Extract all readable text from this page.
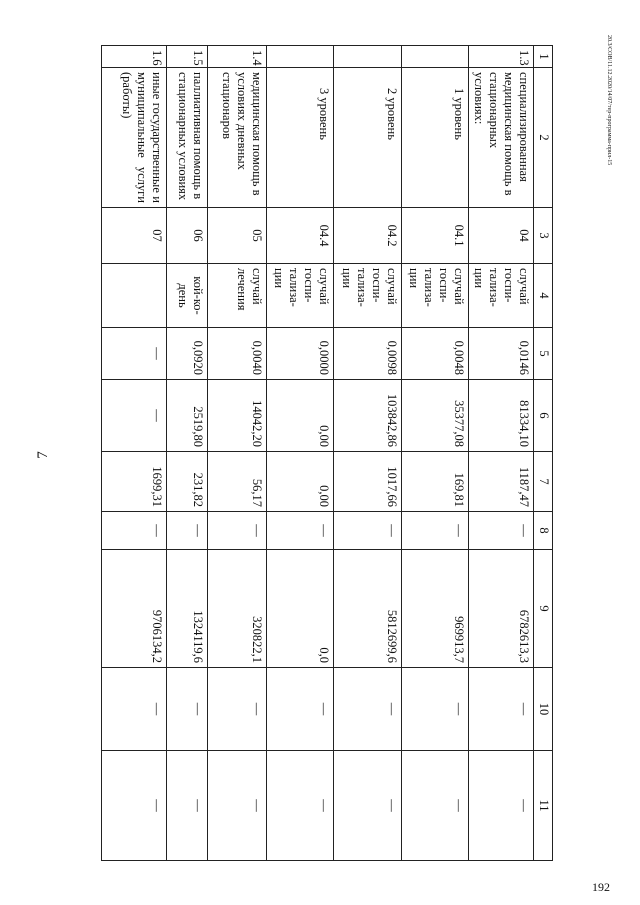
7
20.3/СОВ/11.12.2020/14/07/тер-программа-прил-15
192
1	2	3	4	5	6	7	8	9	10	11
1.3	специализированная медицинская помощь в стационарных условиях:	04	случай госпи-тализа-ции	0,0146	81334,10	1187,47	—	6782613,3	—	—
	1 уровень	04.1	случай госпи-тализа-ции	0,0048	35377,08	169,81	—	969913,7	—	—
	2 уровень	04.2	случай госпи-тализа-ции	0,0098	103842,86	1017,66	—	5812699,6	—	—
	3 уровень	04.4	случай госпи-тализа-ции	0,0000	0,00	0,00	—	0,0	—	—
1.4	медицинская помощь в условиях дневных стационаров	05	случай лечения	0,0040	14042,20	56,17	—	320822,1	—	—
1.5	паллиативная помощь в стационарных условиях	06	кой-ко-день	0,0920	2519,80	231,82	—	1324119,6	—	—
1.6	иные государственные и муниципальные услуги (работы)	07		—	—	1699,31	—	9706134,2	—	—
